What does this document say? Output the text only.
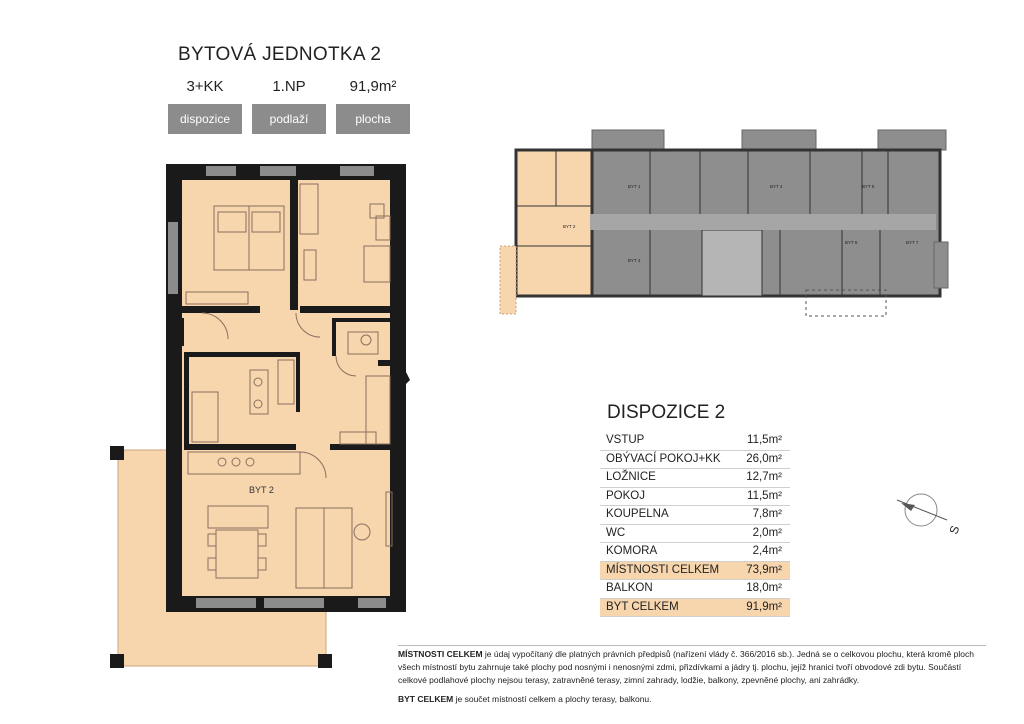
BYTOVÁ JEDNOTKA 2
3+KK	1.NP	91,9m²
dispozice	podlaží	plocha
BYT 2
BYT 1
BYT 2
BYT 3
BYT 4	BYT 5
BYT 6	BYT 7
DISPOZICE 2
VSTUP	11,5m²
OBÝVACÍ POKOJ+KK 26,0m²
LOŽNICE	12,7m²
POKOJ	11,5m²
KOUPELNA	7,8m²
WC	2,0m²
KOMORA	2,4m²
MÍSTNOSTI CELKEM 73,9m²
BALKON	18,0m²
BYT CELKEM	91,9m²
S
MÍSTNOSTI CELKEM je údaj vypočítaný dle platných právních předpisů (nařízení vlády č. 366/2016 sb.). Jedná se o celkovou plochu, která kromě ploch všech místností bytu zahrnuje také plochy pod nosnými i nenosnými zdmi, přizdívkami a jádry tj. plochu, jejíž hranici tvoří obvodové zdi bytu. Součástí celkové podlahové plochy nejsou terasy, zatravněné terasy, zimní zahrady, lodžie, balkony, zpevněné plochy, ani zahrádky.
BYT CELKEM je součet místností celkem a plochy terasy, balkonu.
